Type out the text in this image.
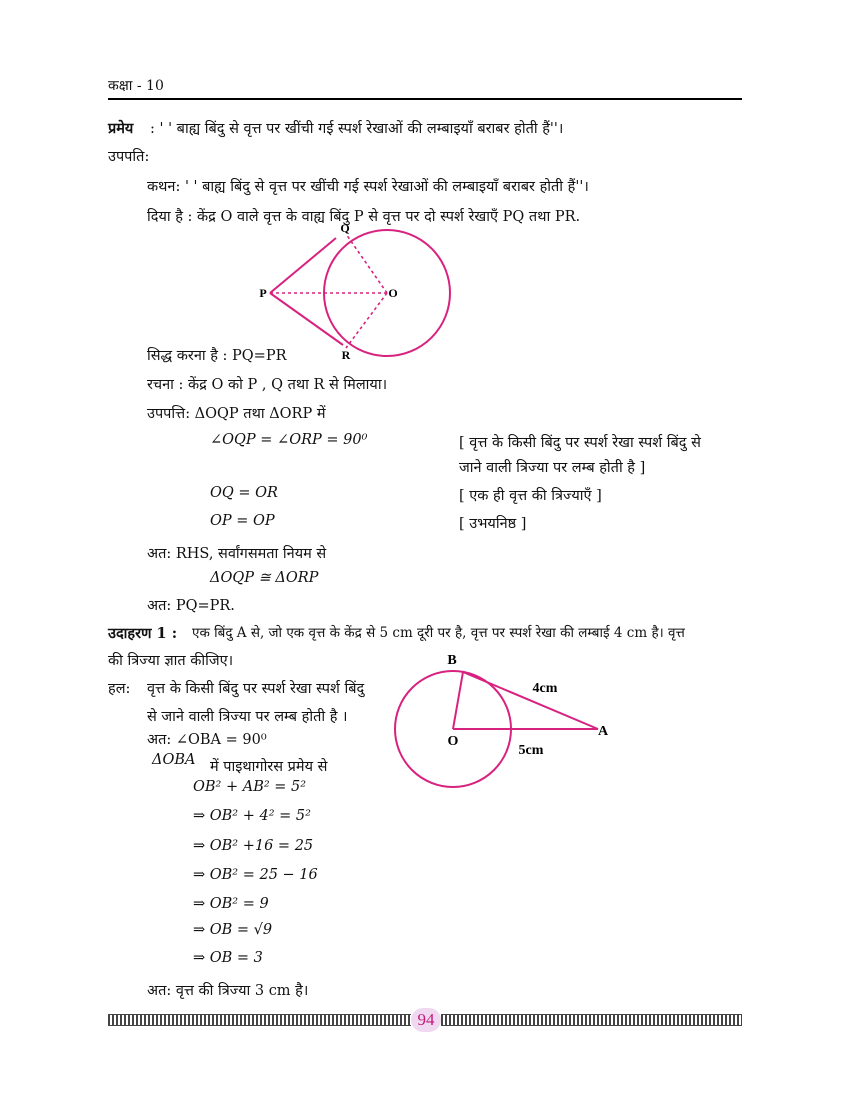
कक्षा - 10
प्रमेय : ' ' बाह्य बिंदु से वृत्त पर खींची गई स्पर्श रेखाओं की लम्बाइयाँ बराबर होती हैं''।
उपपति:
कथन: ' ' बाह्य बिंदु से वृत्त पर खींची गई स्पर्श रेखाओं की लम्बाइयाँ बराबर होती हैं''।
दिया है : केंद्र O वाले वृत्त के वाह्य बिंदु P से वृत्त पर दो स्पर्श रेखाएँ PQ तथा PR.
Q
P	O
R
B
O
A
4cm
5cm
सिद्ध करना है : PQ=PR
रचना : केंद्र O को P , Q तथा R से मिलाया।
उपपत्ति: ΔOQP तथा ΔORP में
∠OQP = ∠ORP = 90⁰	[ वृत्त के किसी बिंदु पर स्पर्श रेखा स्पर्श बिंदु से
जाने वाली त्रिज्या पर लम्ब होती है ]
OQ = OR	[ एक ही वृत्त की त्रिज्याएँ ]
OP = OP	[ उभयनिष्ठ ]
अत: RHS, सर्वांगसमता नियम से
ΔOQP ≅ ΔORP
अत: PQ=PR.
उदाहरण 1 : एक बिंदु A से, जो एक वृत्त के केंद्र से 5 cm दूरी पर है, वृत्त पर स्पर्श रेखा की लम्बाई 4 cm है। वृत्त
की त्रिज्या ज्ञात कीजिए।
हल: वृत्त के किसी बिंदु पर स्पर्श रेखा स्पर्श बिंदु
से जाने वाली त्रिज्या पर लम्ब होती है ।
अत: ∠OBA = 90⁰
ΔOBA में पाइथागोरस प्रमेय से
OB² + AB² = 5²
⇒ OB² + 4² = 5²
⇒ OB² +16 = 25
⇒ OB² = 25 − 16
⇒ OB² = 9
⇒ OB = √9
⇒ OB = 3
अत: वृत्त की त्रिज्या 3 cm है।
94
